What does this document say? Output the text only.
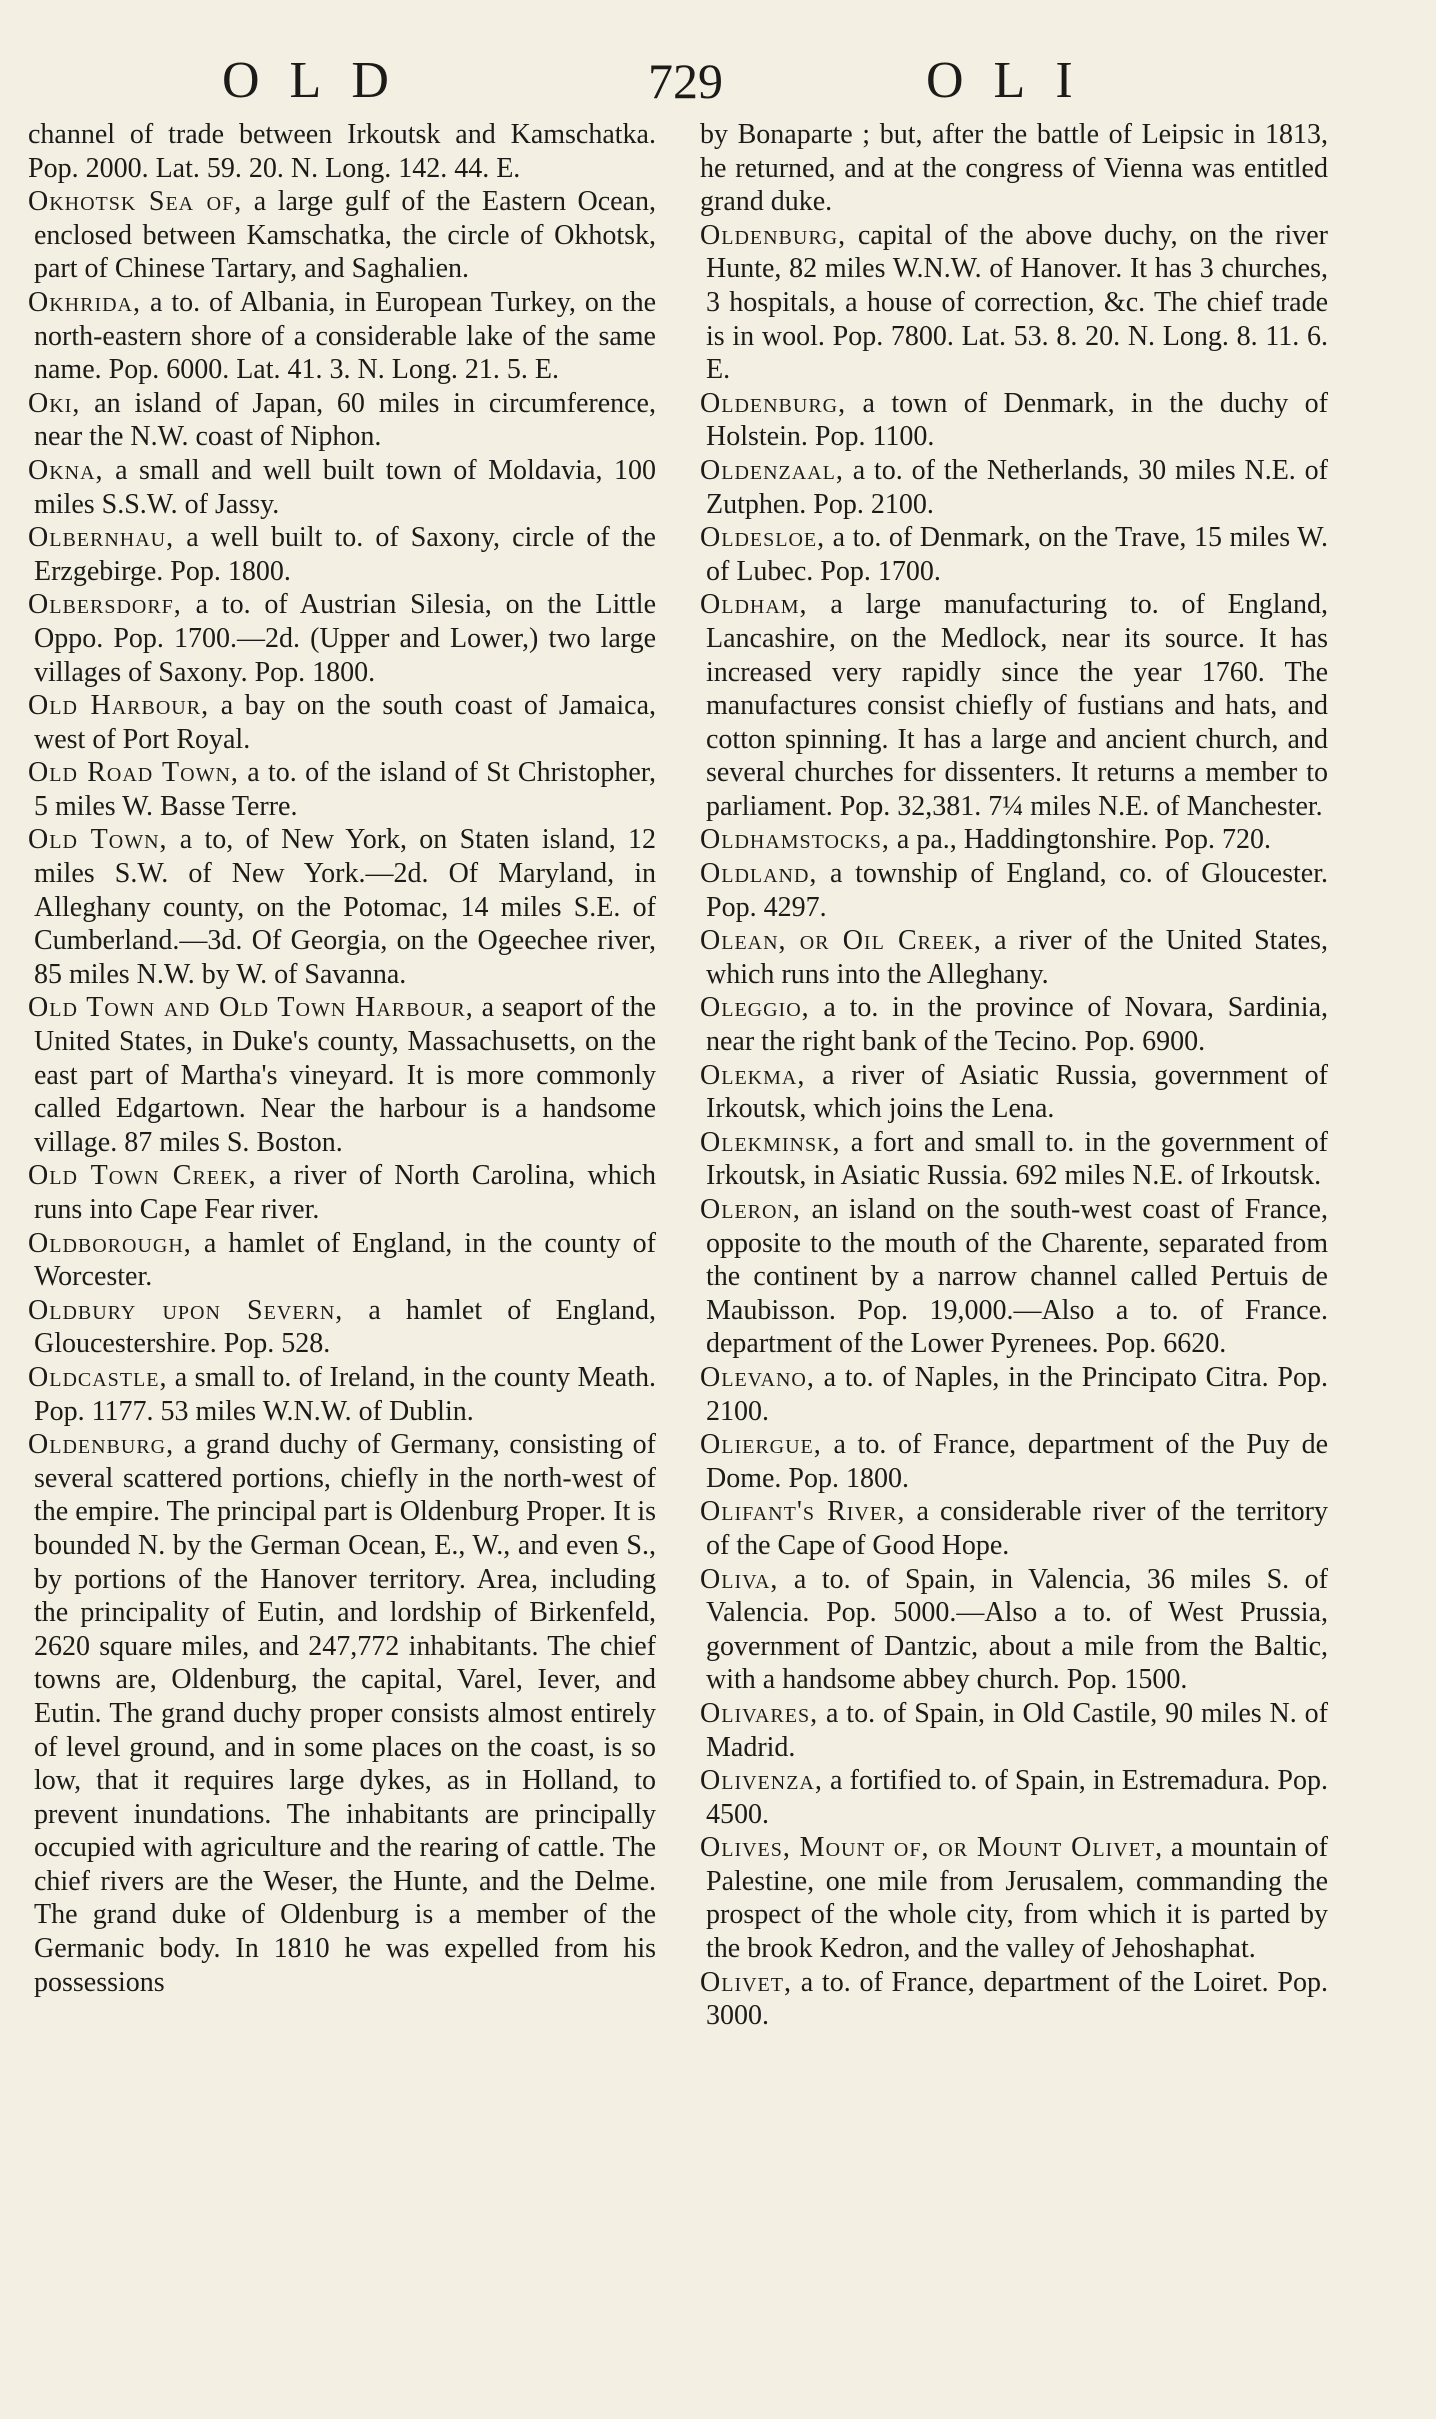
OLD	729	OLI

channel of trade between Irkoutsk and Kamschatka. Pop. 2000. Lat. 59. 20. N. Long. 142. 44. E.

Okhotsk Sea of, a large gulf of the Eastern Ocean, enclosed between Kamschatka, the circle of Okhotsk, part of Chinese Tartary, and Saghalien.

Okhrida, a to. of Albania, in European Turkey, on the north-eastern shore of a considerable lake of the same name. Pop. 6000. Lat. 41. 3. N. Long. 21. 5. E.

Oki, an island of Japan, 60 miles in circumference, near the N.W. coast of Niphon.

Okna, a small and well built town of Moldavia, 100 miles S.S.W. of Jassy.

Olbernhau, a well built to. of Saxony, circle of the Erzgebirge. Pop. 1800.

Olbersdorf, a to. of Austrian Silesia, on the Little Oppo. Pop. 1700.—2d. (Upper and Lower,) two large villages of Saxony. Pop. 1800.

Old Harbour, a bay on the south coast of Jamaica, west of Port Royal.

Old Road Town, a to. of the island of St Christopher, 5 miles W. Basse Terre.

Old Town, a to, of New York, on Staten island, 12 miles S.W. of New York.—2d. Of Maryland, in Alleghany county, on the Potomac, 14 miles S.E. of Cumberland.—3d. Of Georgia, on the Ogeechee river, 85 miles N.W. by W. of Savanna.

Old Town and Old Town Harbour, a seaport of the United States, in Duke's county, Massachusetts, on the east part of Martha's vineyard. It is more commonly called Edgartown. Near the harbour is a handsome village. 87 miles S. Boston.

Old Town Creek, a river of North Carolina, which runs into Cape Fear river.

Oldborough, a hamlet of England, in the county of Worcester.

Oldbury upon Severn, a hamlet of England, Gloucestershire. Pop. 528.

Oldcastle, a small to. of Ireland, in the county Meath. Pop. 1177. 53 miles W.N.W. of Dublin.

Oldenburg, a grand duchy of Germany, consisting of several scattered portions, chiefly in the north-west of the empire. The principal part is Oldenburg Proper. It is bounded N. by the German Ocean, E., W., and even S., by portions of the Hanover territory. Area, including the principality of Eutin, and lordship of Birkenfeld, 2620 square miles, and 247,772 inhabitants. The chief towns are, Oldenburg, the capital, Varel, Iever, and Eutin. The grand duchy proper consists almost entirely of level ground, and in some places on the coast, is so low, that it requires large dykes, as in Holland, to prevent inundations. The inhabitants are principally occupied with agriculture and the rearing of cattle. The chief rivers are the Weser, the Hunte, and the Delme. The grand duke of Oldenburg is a member of the Germanic body. In 1810 he was expelled from his possessions

by Bonaparte ; but, after the battle of Leipsic in 1813, he returned, and at the congress of Vienna was entitled grand duke.

Oldenburg, capital of the above duchy, on the river Hunte, 82 miles W.N.W. of Hanover. It has 3 churches, 3 hospitals, a house of correction, &c. The chief trade is in wool. Pop. 7800. Lat. 53. 8. 20. N. Long. 8. 11. 6. E.

Oldenburg, a town of Denmark, in the duchy of Holstein. Pop. 1100.

Oldenzaal, a to. of the Netherlands, 30 miles N.E. of Zutphen. Pop. 2100.

Oldesloe, a to. of Denmark, on the Trave, 15 miles W. of Lubec. Pop. 1700.

Oldham, a large manufacturing to. of England, Lancashire, on the Medlock, near its source. It has increased very rapidly since the year 1760. The manufactures consist chiefly of fustians and hats, and cotton spinning. It has a large and ancient church, and several churches for dissenters. It returns a member to parliament. Pop. 32,381. 7¼ miles N.E. of Manchester.

Oldhamstocks, a pa., Haddingtonshire. Pop. 720.

Oldland, a township of England, co. of Gloucester. Pop. 4297.

Olean, or Oil Creek, a river of the United States, which runs into the Alleghany.

Oleggio, a to. in the province of Novara, Sardinia, near the right bank of the Tecino. Pop. 6900.

Olekma, a river of Asiatic Russia, government of Irkoutsk, which joins the Lena.

Olekminsk, a fort and small to. in the government of Irkoutsk, in Asiatic Russia. 692 miles N.E. of Irkoutsk.

Oleron, an island on the south-west coast of France, opposite to the mouth of the Charente, separated from the continent by a narrow channel called Pertuis de Maubisson. Pop. 19,000.—Also a to. of France. department of the Lower Pyrenees. Pop. 6620.

Olevano, a to. of Naples, in the Principato Citra. Pop. 2100.

Oliergue, a to. of France, department of the Puy de Dome. Pop. 1800.

Olifant's River, a considerable river of the territory of the Cape of Good Hope.

Oliva, a to. of Spain, in Valencia, 36 miles S. of Valencia. Pop. 5000.—Also a to. of West Prussia, government of Dantzic, about a mile from the Baltic, with a handsome abbey church. Pop. 1500.

Olivares, a to. of Spain, in Old Castile, 90 miles N. of Madrid.

Olivenza, a fortified to. of Spain, in Estremadura. Pop. 4500.

Olives, Mount of, or Mount Olivet, a mountain of Palestine, one mile from Jerusalem, commanding the prospect of the whole city, from which it is parted by the brook Kedron, and the valley of Jehoshaphat.

Olivet, a to. of France, department of the Loiret. Pop. 3000.
